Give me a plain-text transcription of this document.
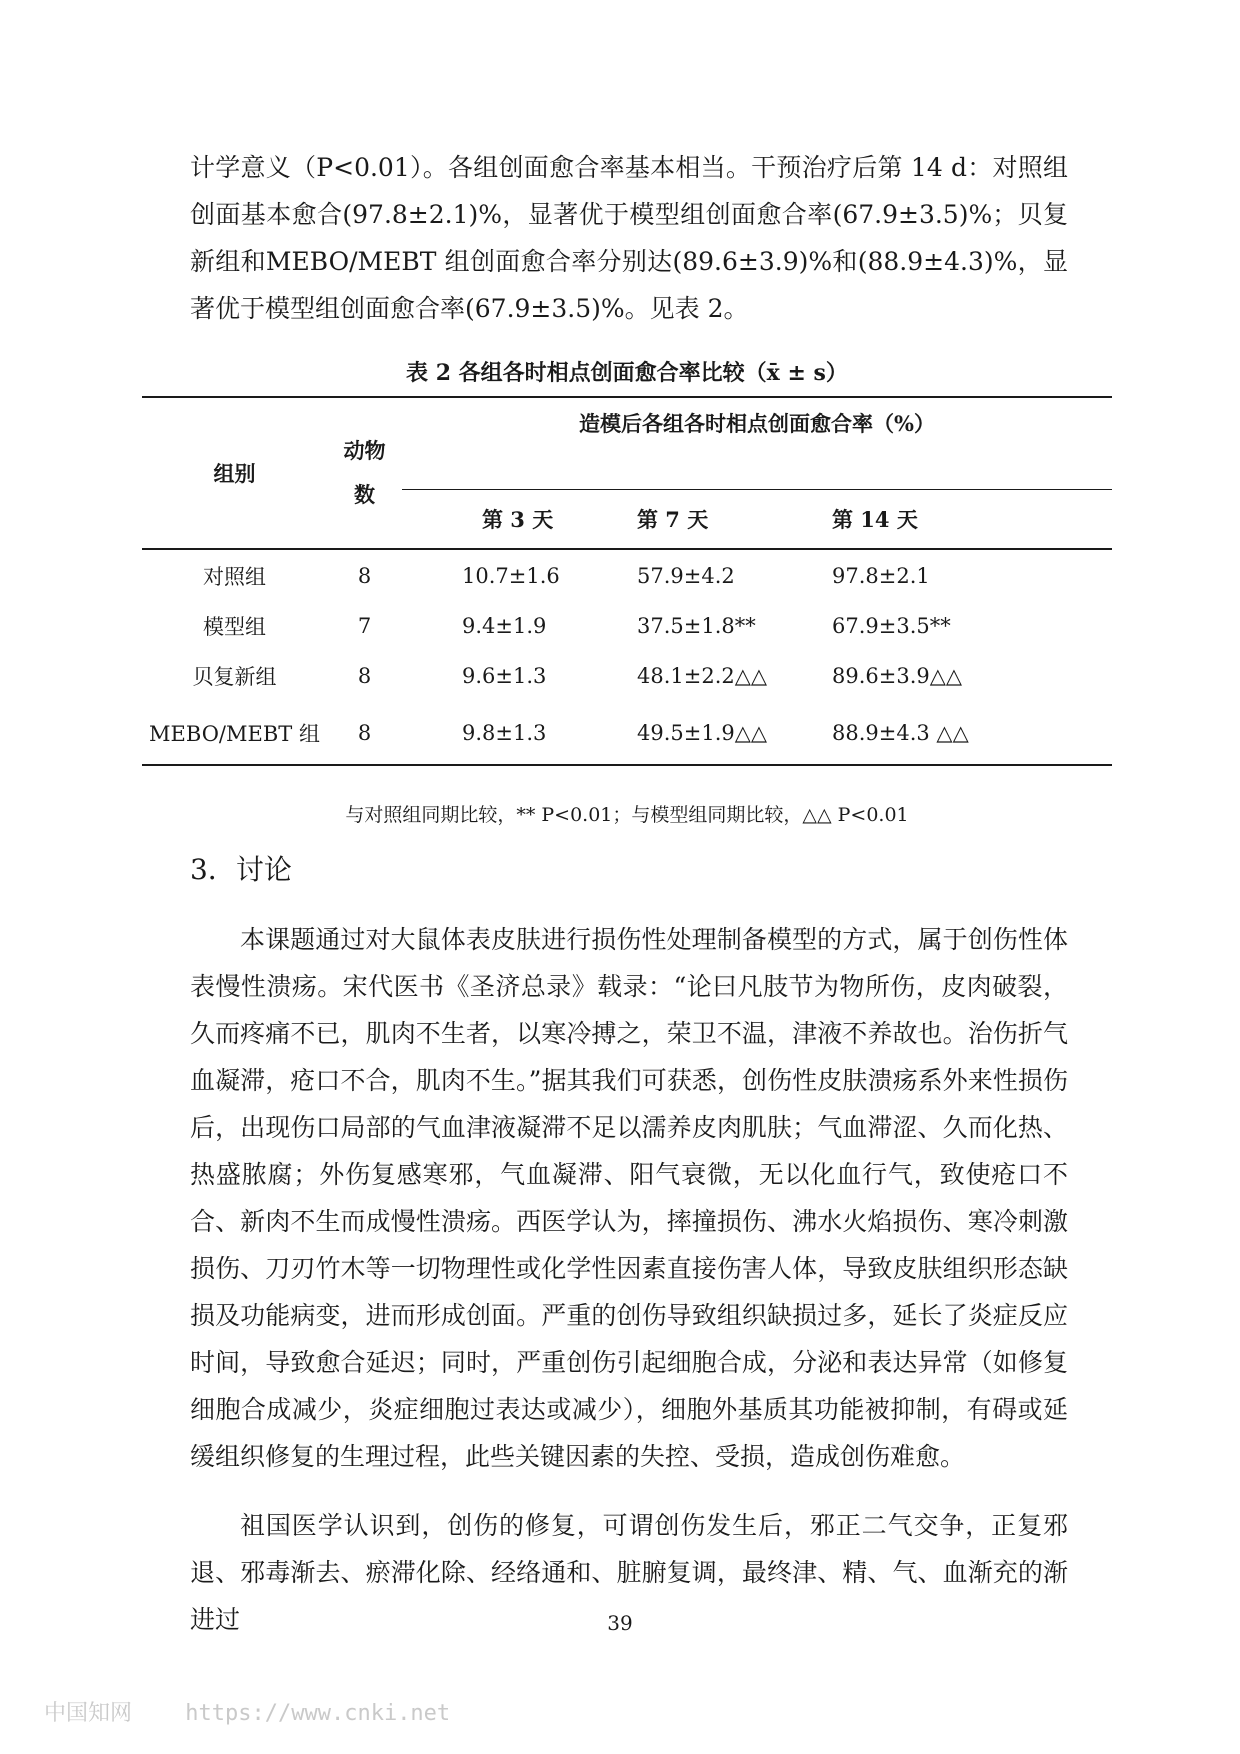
计学意义（P<0.01）。各组创面愈合率基本相当。干预治疗后第 14 d：对照组创面基本愈合(97.8±2.1)%，显著优于模型组创面愈合率(67.9±3.5)%；贝复新组和MEBO/MEBT 组创面愈合率分别达(89.6±3.9)%和(88.9±4.3)%，显著优于模型组创面愈合率(67.9±3.5)%。见表 2。

表 2 各组各时相点创面愈合率比较（x̄ ± s）
组别	动物数	造模后各组各时相点创面愈合率（%）		
		第 3 天	第 7 天	第 14 天
对照组	8	10.7±1.6	57.9±4.2	97.8±2.1
模型组	7	9.4±1.9	37.5±1.8**	67.9±3.5**
贝复新组	8	9.6±1.3	48.1±2.2△△	89.6±3.9△△
MEBO/MEBT 组	8	9.8±1.3	49.5±1.9△△	88.9±4.3 △△
与对照组同期比较，** P<0.01；与模型组同期比较，△△ P<0.01
3．讨论

本课题通过对大鼠体表皮肤进行损伤性处理制备模型的方式，属于创伤性体表慢性溃疡。宋代医书《圣济总录》载录：“论曰凡肢节为物所伤，皮肉破裂，久而疼痛不已，肌肉不生者，以寒冷搏之，荣卫不温，津液不养故也。治伤折气血凝滞，疮口不合，肌肉不生。”据其我们可获悉，创伤性皮肤溃疡系外来性损伤后，出现伤口局部的气血津液凝滞不足以濡养皮肉肌肤；气血滞涩、久而化热、热盛脓腐；外伤复感寒邪，气血凝滞、阳气衰微，无以化血行气，致使疮口不合、新肉不生而成慢性溃疡。西医学认为，摔撞损伤、沸水火焰损伤、寒冷刺激损伤、刀刃竹木等一切物理性或化学性因素直接伤害人体，导致皮肤组织形态缺损及功能病变，进而形成创面。严重的创伤导致组织缺损过多，延长了炎症反应时间，导致愈合延迟；同时，严重创伤引起细胞合成，分泌和表达异常（如修复细胞合成减少，炎症细胞过表达或减少），细胞外基质其功能被抑制，有碍或延缓组织修复的生理过程，此些关键因素的失控、受损，造成创伤难愈。

祖国医学认识到，创伤的修复，可谓创伤发生后，邪正二气交争，正复邪退、邪毒渐去、瘀滞化除、经络通和、脏腑复调，最终津、精、气、血渐充的渐进过	39
中国知网 https://www.cnki.net
